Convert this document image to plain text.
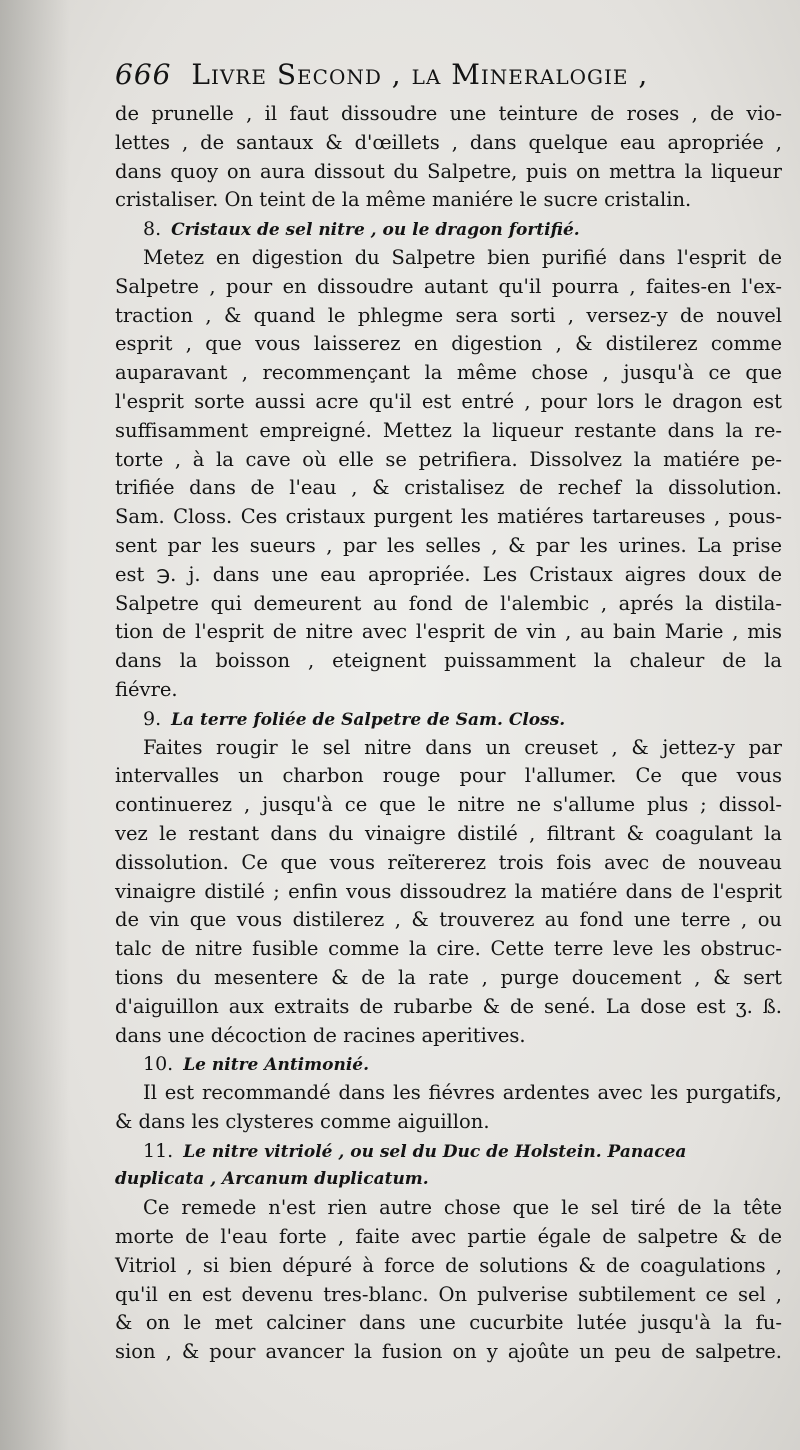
666 Livre Second , la Mineralogie ,
de prunelle , il faut dissoudre une teinture de roses , de vio-
lettes , de santaux & d'œillets , dans quelque eau apropriée ,
dans quoy on aura dissout du Salpetre, puis on mettra la liqueur
cristaliser. On teint de la même maniére le sucre cristalin.
8. Cristaux de sel nitre , ou le dragon fortifié.
Metez en digestion du Salpetre bien purifié dans l'esprit de
Salpetre , pour en dissoudre autant qu'il pourra , faites-en l'ex-
traction , & quand le phlegme sera sorti , versez-y de nouvel
esprit , que vous laisserez en digestion , & distilerez comme
auparavant , recommençant la même chose , jusqu'à ce que
l'esprit sorte aussi acre qu'il est entré , pour lors le dragon est
suffisamment empreigné. Mettez la liqueur restante dans la re-
torte , à la cave où elle se petrifiera. Dissolvez la matiére pe-
trifiée dans de l'eau , & cristalisez de rechef la dissolution.
Sam. Closs. Ces cristaux purgent les matiéres tartareuses , pous-
sent par les sueurs , par les selles , & par les urines. La prise
est ℈. j. dans une eau apropriée. Les Cristaux aigres doux de
Salpetre qui demeurent au fond de l'alembic , aprés la distila-
tion de l'esprit de nitre avec l'esprit de vin , au bain Marie , mis
dans la boisson , eteignent puissamment la chaleur de la
fiévre.
9. La terre foliée de Salpetre de Sam. Closs.
Faites rougir le sel nitre dans un creuset , & jettez-y par
intervalles un charbon rouge pour l'allumer. Ce que vous
continuerez , jusqu'à ce que le nitre ne s'allume plus ; dissol-
vez le restant dans du vinaigre distilé , filtrant & coagulant la
dissolution. Ce que vous reïtererez trois fois avec de nouveau
vinaigre distilé ; enfin vous dissoudrez la matiére dans de l'esprit
de vin que vous distilerez , & trouverez au fond une terre , ou
talc de nitre fusible comme la cire. Cette terre leve les obstruc-
tions du mesentere & de la rate , purge doucement , & sert
d'aiguillon aux extraits de rubarbe & de sené. La dose est ʒ. ß.
dans une décoction de racines aperitives.
10. Le nitre Antimonié.
Il est recommandé dans les fiévres ardentes avec les purgatifs,
& dans les clysteres comme aiguillon.
11. Le nitre vitriolé , ou sel du Duc de Holstein. Panacea
duplicata , Arcanum duplicatum.
Ce remede n'est rien autre chose que le sel tiré de la tête
morte de l'eau forte , faite avec partie égale de salpetre & de
Vitriol , si bien dépuré à force de solutions & de coagulations ,
qu'il en est devenu tres-blanc. On pulverise subtilement ce sel ,
& on le met calciner dans une cucurbite lutée jusqu'à la fu-
sion , & pour avancer la fusion on y ajoûte un peu de salpetre.
